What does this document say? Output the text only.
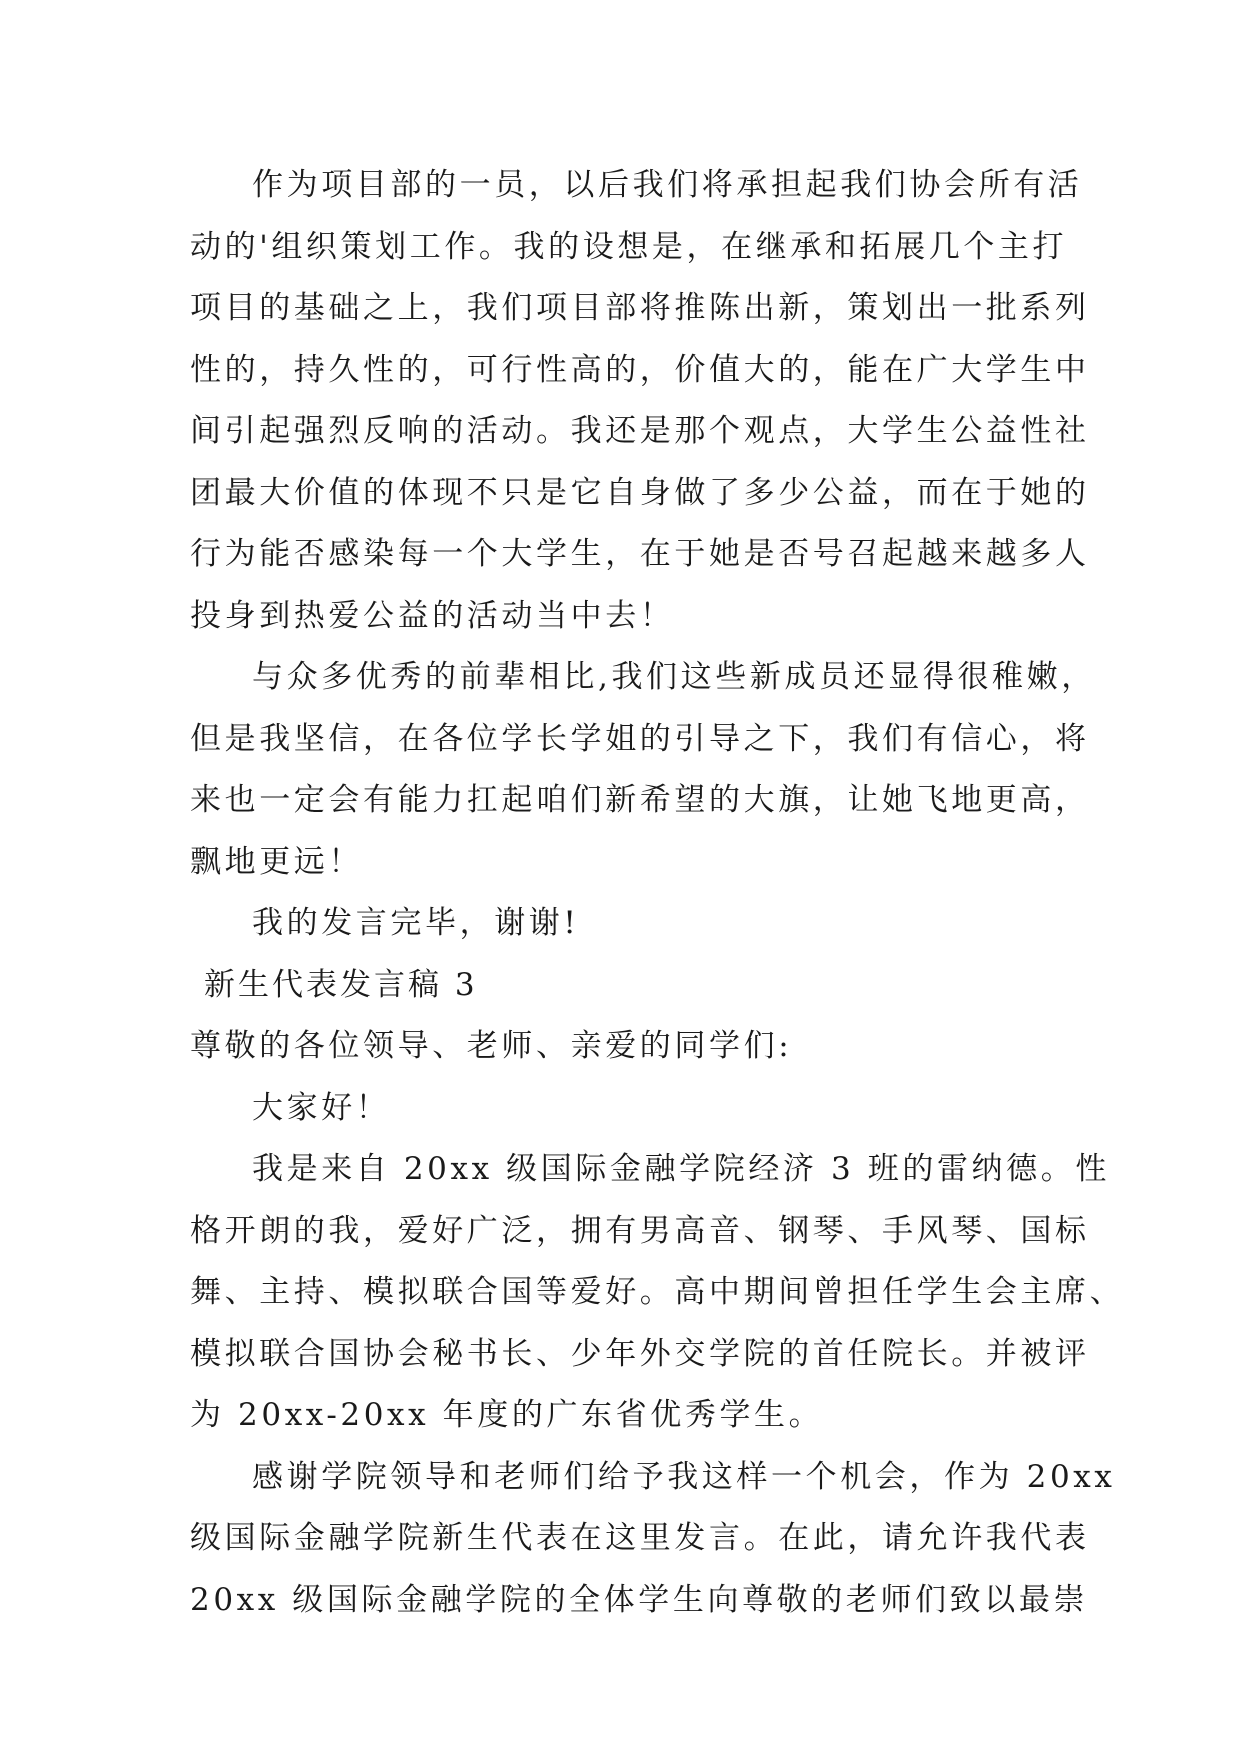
作为项目部的一员，以后我们将承担起我们协会所有活
动的'组织策划工作。我的设想是，在继承和拓展几个主打
项目的基础之上，我们项目部将推陈出新，策划出一批系列
性的，持久性的，可行性高的，价值大的，能在广大学生中
间引起强烈反响的活动。我还是那个观点，大学生公益性社
团最大价值的体现不只是它自身做了多少公益，而在于她的
行为能否感染每一个大学生，在于她是否号召起越来越多人
投身到热爱公益的活动当中去！
与众多优秀的前辈相比,我们这些新成员还显得很稚嫩，
但是我坚信，在各位学长学姐的引导之下，我们有信心，将
来也一定会有能力扛起咱们新希望的大旗，让她飞地更高，
飘地更远！
我的发言完毕，谢谢!
新生代表发言稿 3
尊敬的各位领导、老师、亲爱的同学们:
大家好！
我是来自 20xx 级国际金融学院经济 3 班的雷纳德。性
格开朗的我，爱好广泛，拥有男高音、钢琴、手风琴、国标
舞、主持、模拟联合国等爱好。高中期间曾担任学生会主席、
模拟联合国协会秘书长、少年外交学院的首任院长。并被评
为 20xx-20xx 年度的广东省优秀学生。
感谢学院领导和老师们给予我这样一个机会，作为 20xx
级国际金融学院新生代表在这里发言。在此，请允许我代表
20xx 级国际金融学院的全体学生向尊敬的老师们致以最崇
